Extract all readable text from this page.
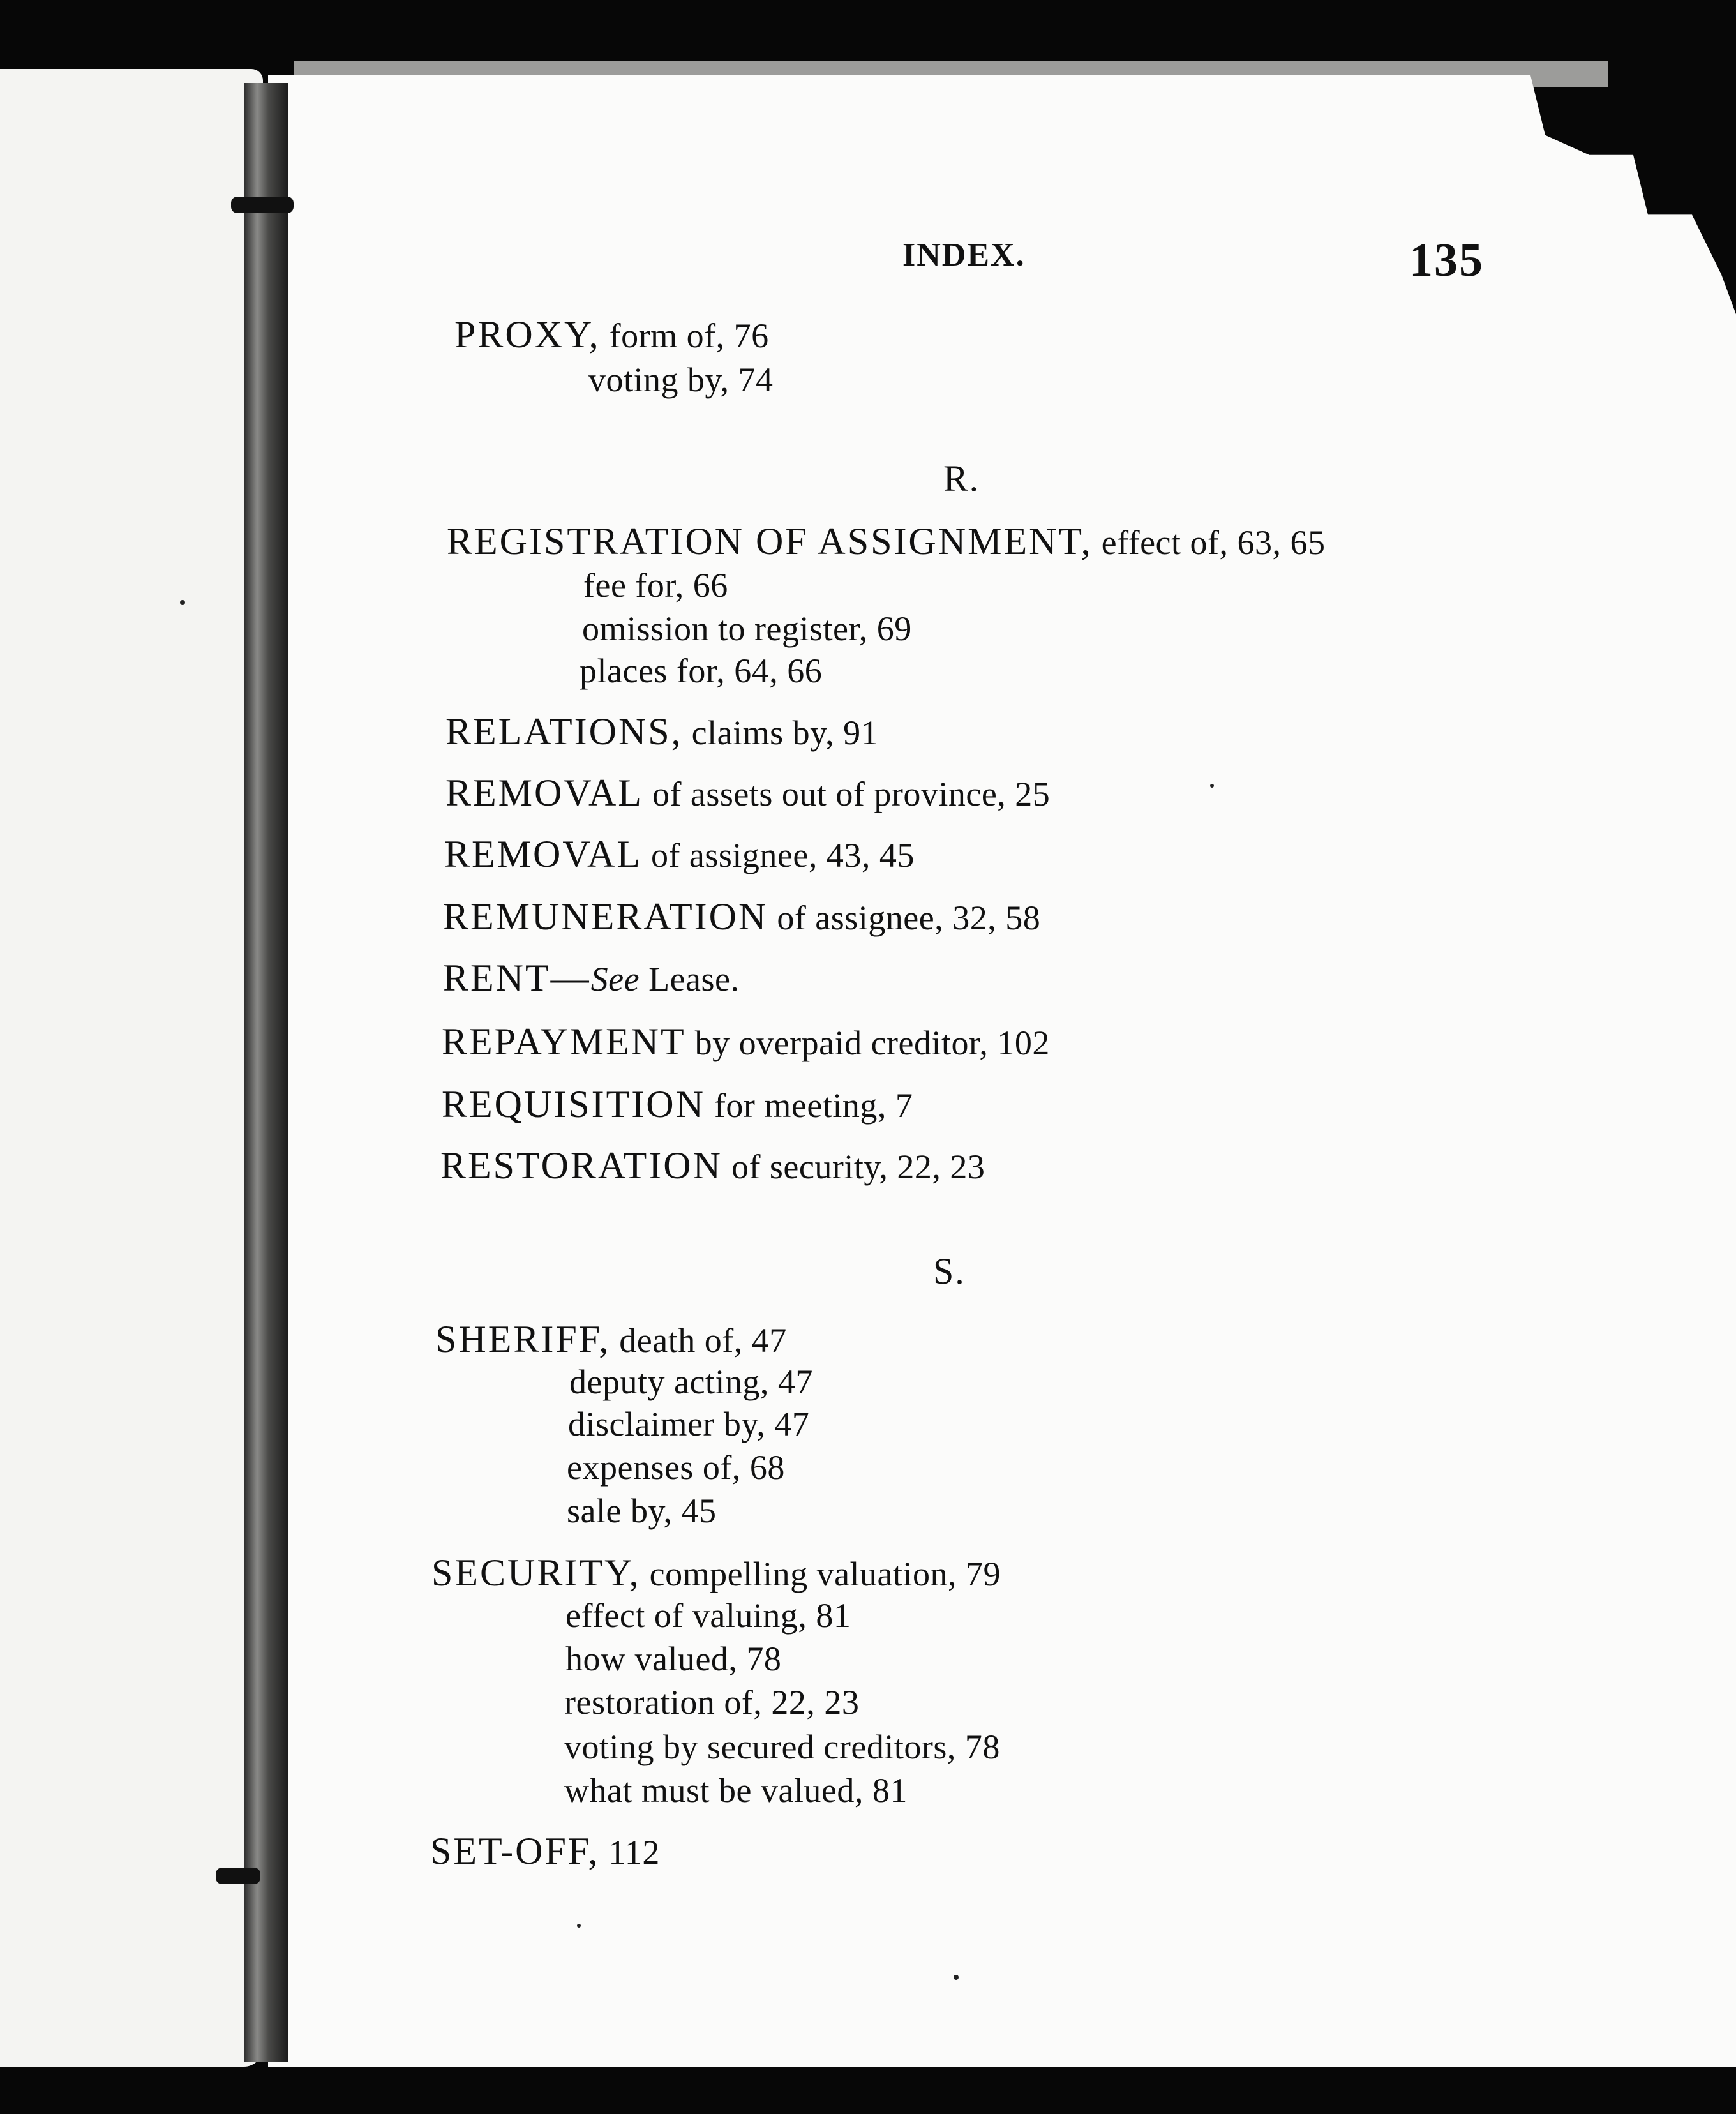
INDEX.	135
PROXY, form of, 76
voting by, 74
R.
REGISTRATION OF ASSIGNMENT, effect of, 63, 65
fee for, 66
omission to register, 69
places for, 64, 66
RELATIONS, claims by, 91
REMOVAL of assets out of province, 25
REMOVAL of assignee, 43, 45
REMUNERATION of assignee, 32, 58
RENT—See Lease.
REPAYMENT by overpaid creditor, 102
REQUISITION for meeting, 7
RESTORATION of security, 22, 23
S.
SHERIFF, death of, 47
deputy acting, 47
disclaimer by, 47
expenses of, 68
sale by, 45
SECURITY, compelling valuation, 79
effect of valuing, 81
how valued, 78
restoration of, 22, 23
voting by secured creditors, 78
what must be valued, 81
SET-OFF, 112
